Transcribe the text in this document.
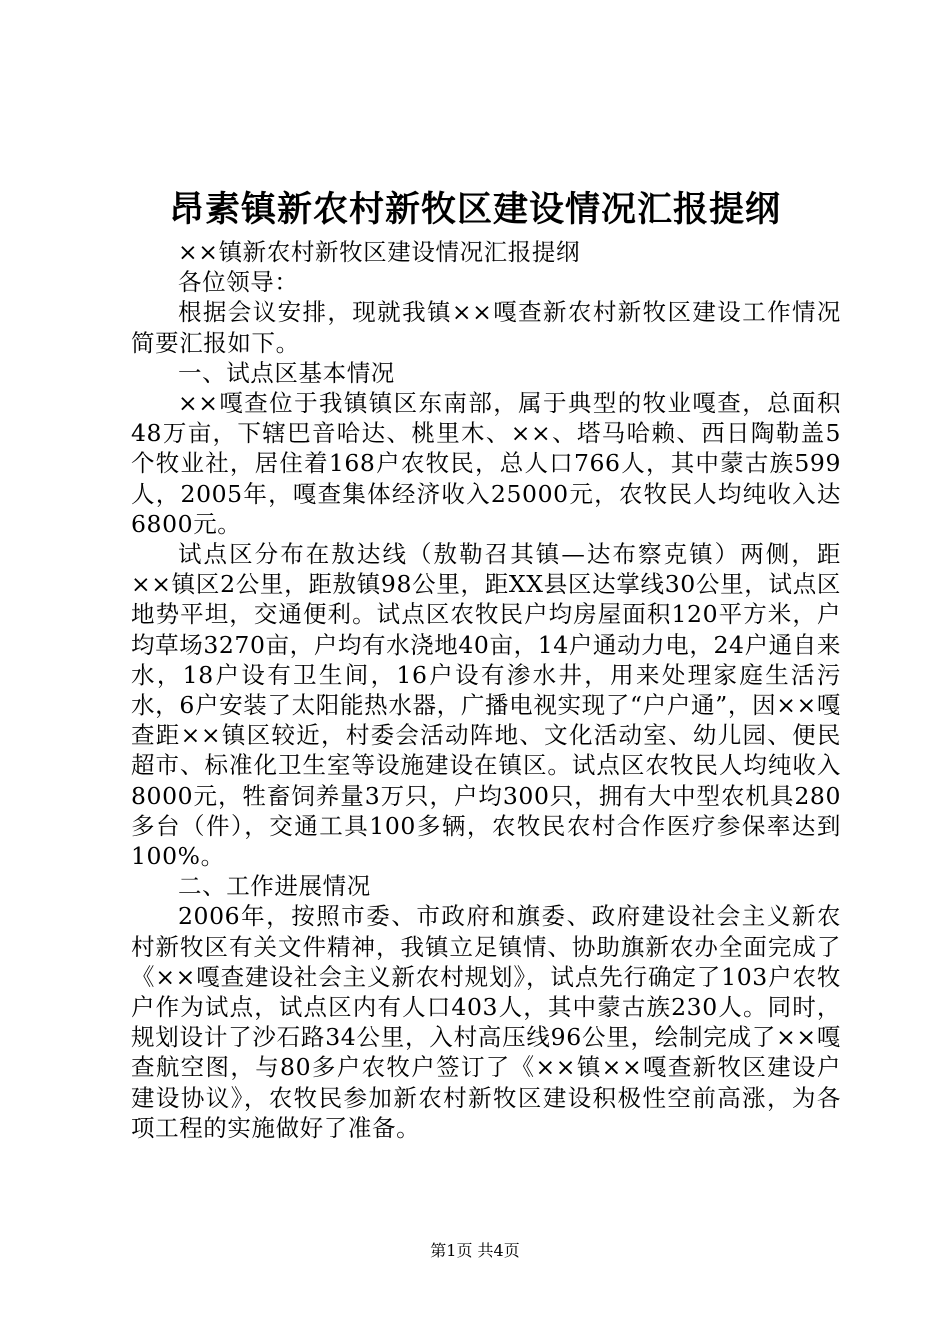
昂素镇新农村新牧区建设情况汇报提纲

××镇新农村新牧区建设情况汇报提纲

各位领导：

根据会议安排，现就我镇××嘎查新农村新牧区建设工作情况简要汇报如下。

一、试点区基本情况

××嘎查位于我镇镇区东南部，属于典型的牧业嘎查，总面积48万亩，下辖巴音哈达、桃里木、××、塔马哈赖、西日陶勒盖5个牧业社，居住着168户农牧民，总人口766人，其中蒙古族599人，2005年，嘎查集体经济收入25000元，农牧民人均纯收入达6800元。

试点区分布在敖达线（敖勒召其镇—达布察克镇）两侧，距××镇区2公里，距敖镇98公里，距XX县区达掌线30公里，试点区地势平坦，交通便利。试点区农牧民户均房屋面积120平方米，户均草场3270亩，户均有水浇地40亩，14户通动力电，24户通自来水，18户设有卫生间，16户设有渗水井，用来处理家庭生活污水，6户安装了太阳能热水器，广播电视实现了“户户通”，因××嘎查距××镇区较近，村委会活动阵地、文化活动室、幼儿园、便民超市、标准化卫生室等设施建设在镇区。试点区农牧民人均纯收入8000元，牲畜饲养量3万只，户均300只，拥有大中型农机具280多台（件），交通工具100多辆，农牧民农村合作医疗参保率达到100%。

二、工作进展情况

2006年，按照市委、市政府和旗委、政府建设社会主义新农村新牧区有关文件精神，我镇立足镇情、协助旗新农办全面完成了《××嘎查建设社会主义新农村规划》，试点先行确定了103户农牧户作为试点，试点区内有人口403人，其中蒙古族230人。同时，规划设计了沙石路34公里，入村高压线96公里，绘制完成了××嘎查航空图，与80多户农牧户签订了《××镇××嘎查新牧区建设户建设协议》，农牧民参加新农村新牧区建设积极性空前高涨，为各项工程的实施做好了准备。

第1页 共4页
